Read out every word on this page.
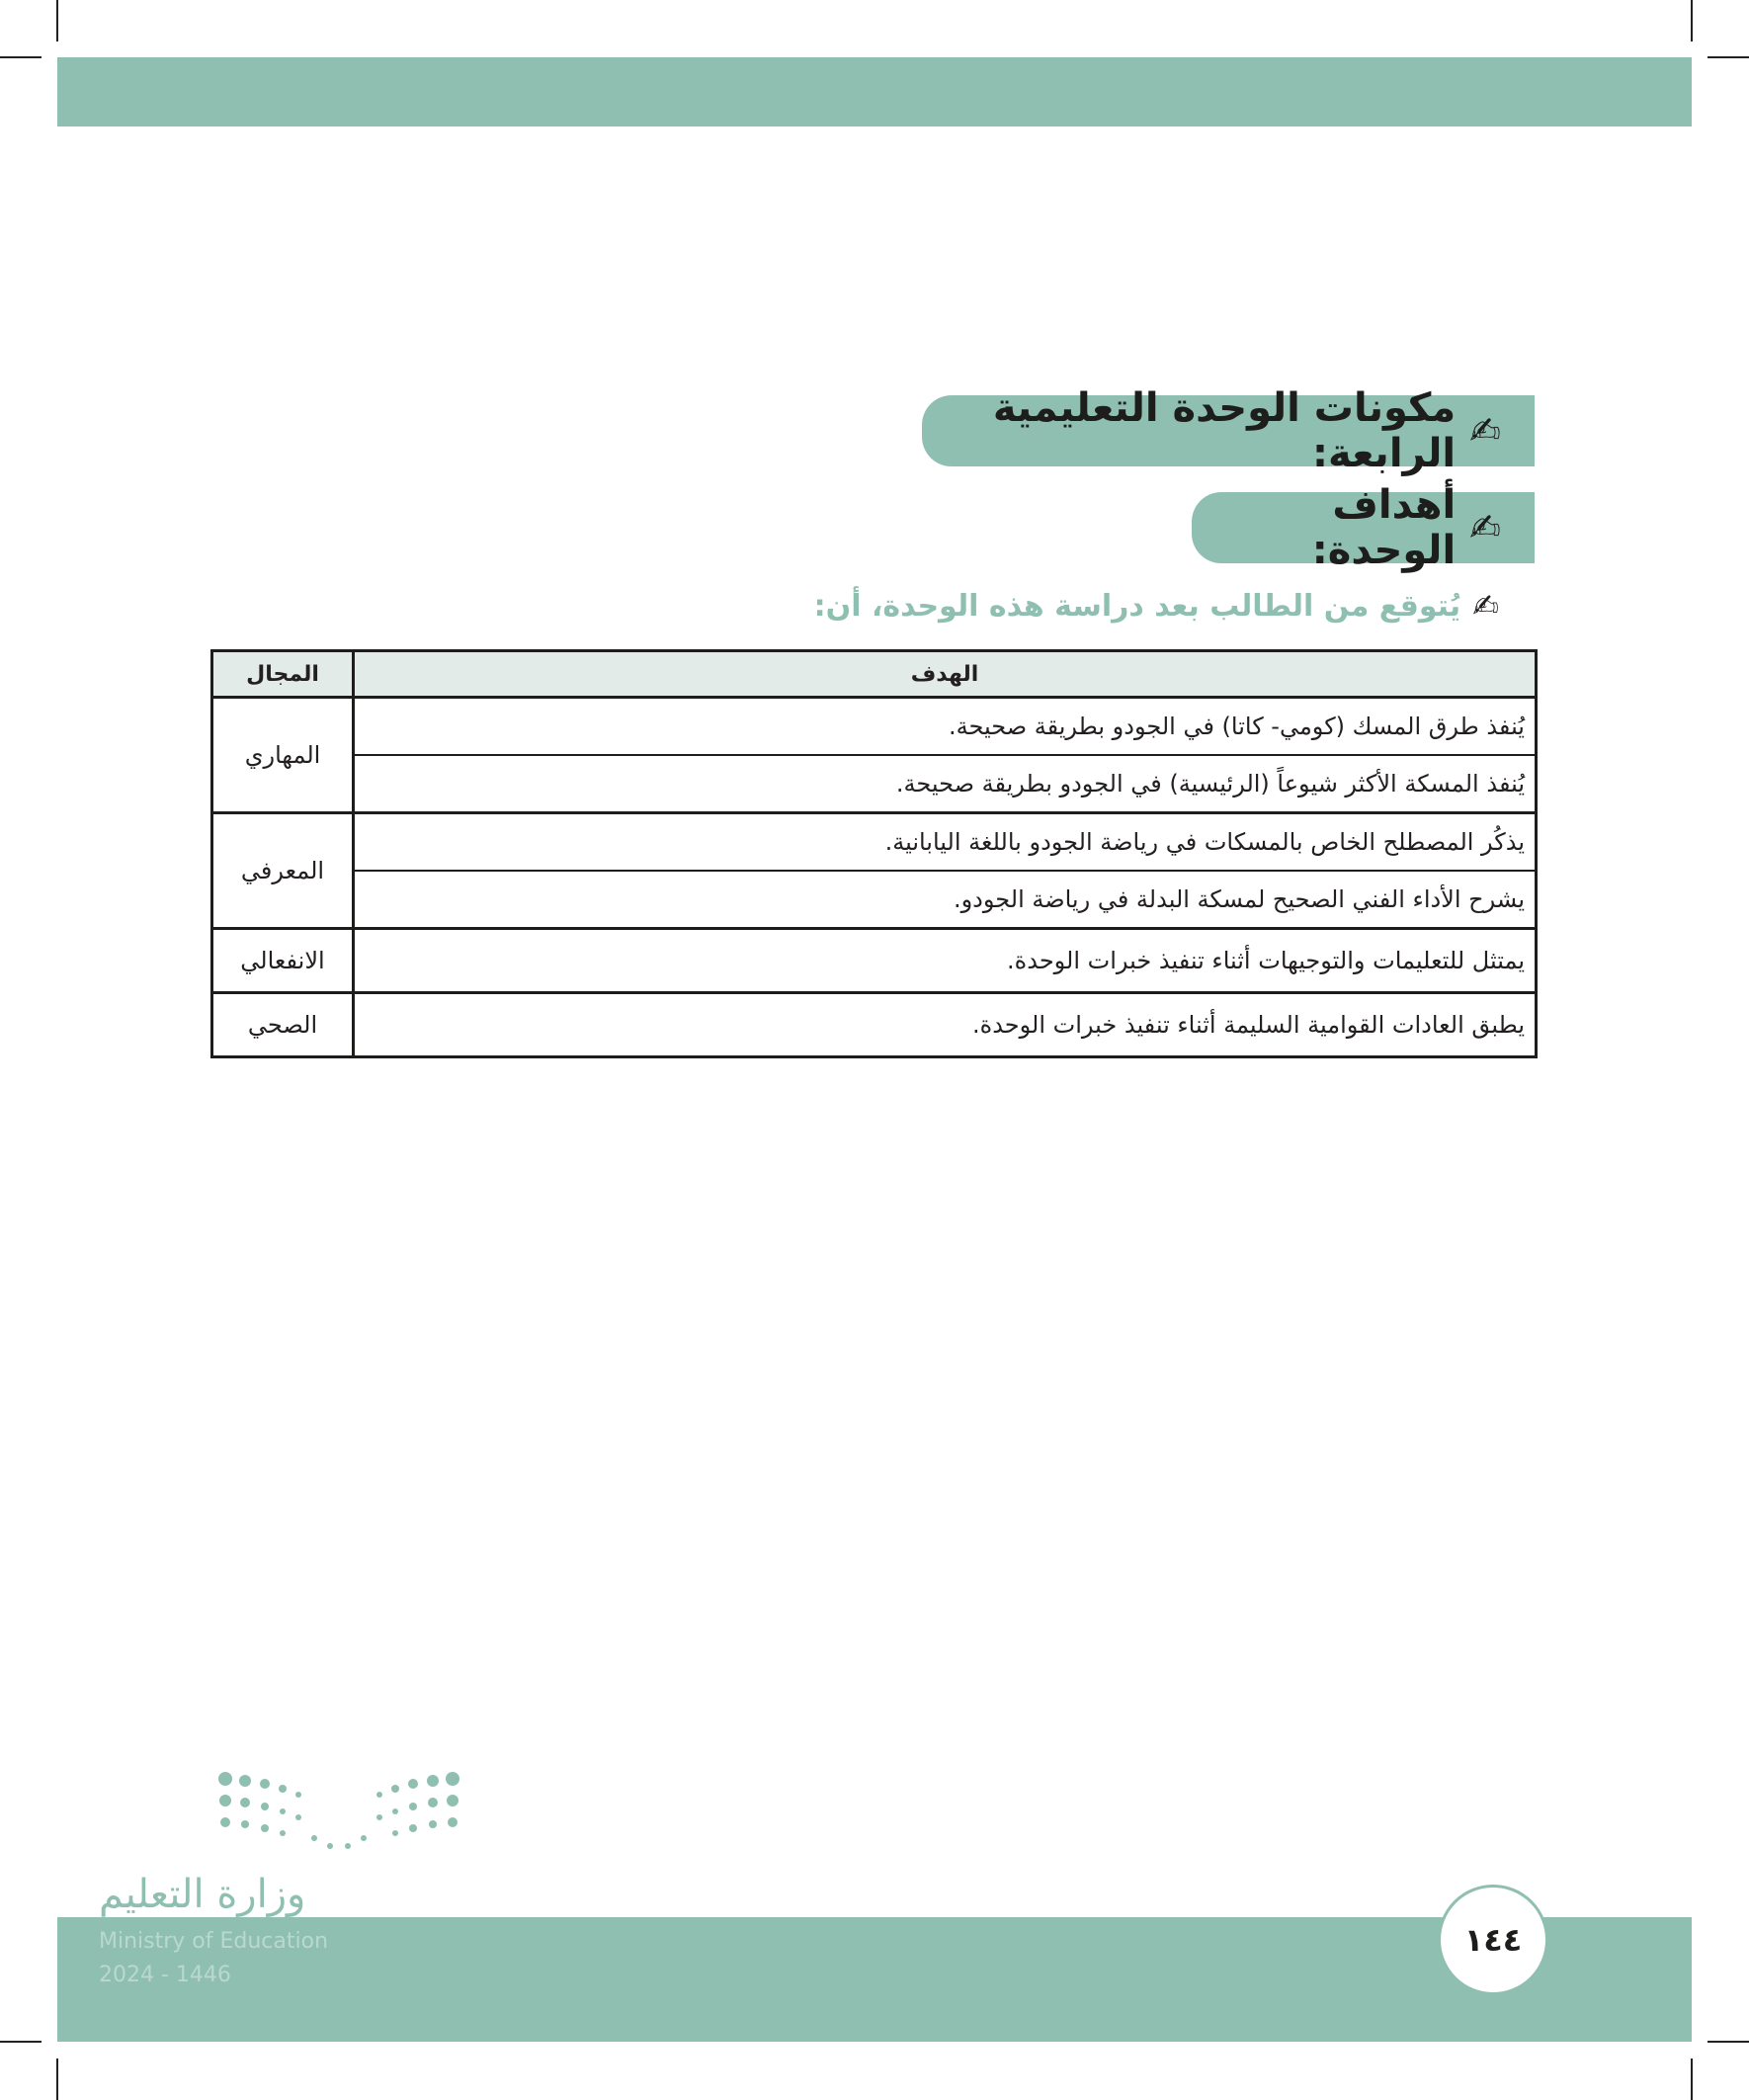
✍
مكونات الوحدة التعليمية الرابعة:
✍
أهداف الوحدة:
✍
يُتوقع من الطالب بعد دراسة هذه الوحدة، أن:
الهدف	المجال
يُنفذ طرق المسك (كومي- كاتا) في الجودو بطريقة صحيحة.	المهاري
يُنفذ المسكة الأكثر شيوعاً (الرئيسية) في الجودو بطريقة صحيحة.	
يذكُر المصطلح الخاص بالمسكات في رياضة الجودو باللغة اليابانية.	المعرفي
يشرح الأداء الفني الصحيح لمسكة البدلة في رياضة الجودو.	
يمتثل للتعليمات والتوجيهات أثناء تنفيذ خبرات الوحدة.	الانفعالي
يطبق العادات القوامية السليمة أثناء تنفيذ خبرات الوحدة.	الصحي
وزارة التعليم
Ministry of Education
2024 - 1446
١٤٤
